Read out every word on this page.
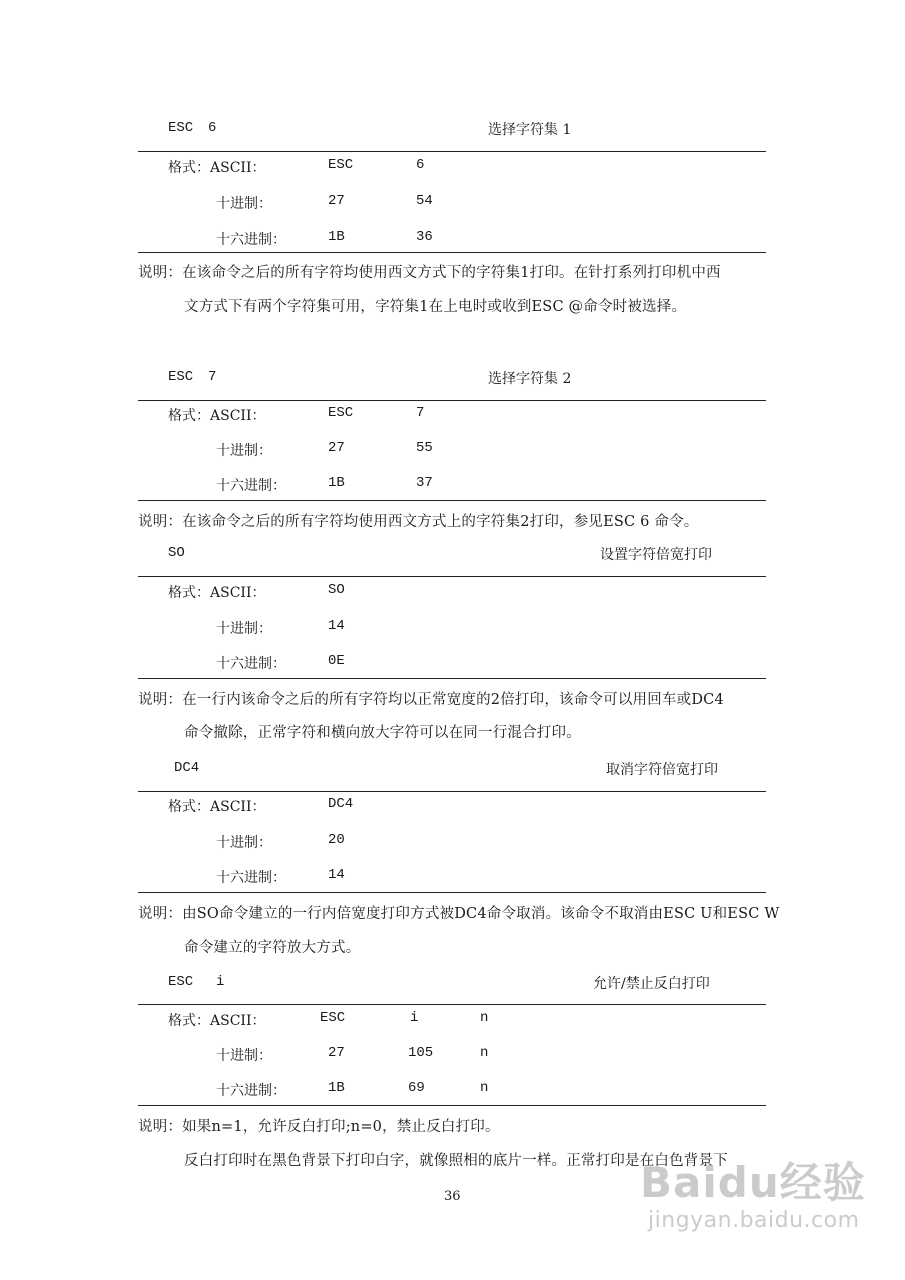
ESC 6	选择字符集 1
格式：ASCII：	ESC	6
十进制：	27	54
十六进制：	1B	36
说明：在该命令之后的所有字符均使用西文方式下的字符集1打印。在针打系列打印机中西
文方式下有两个字符集可用，字符集1在上电时或收到ESC @命令时被选择。
ESC 7	选择字符集 2
格式：ASCII：	ESC	7
十进制：	27	55
十六进制：	1B	37
说明：在该命令之后的所有字符均使用西文方式上的字符集2打印，参见ESC 6 命令。
SO	设置字符倍宽打印
格式：ASCII：	SO
十进制：	14
十六进制：	0E
说明：在一行内该命令之后的所有字符均以正常宽度的2倍打印，该命令可以用回车或DC4
命令撤除，正常字符和横向放大字符可以在同一行混合打印。
DC4	取消字符倍宽打印
格式：ASCII：	DC4
十进制：	20
十六进制：	14
说明：由SO命令建立的一行内倍宽度打印方式被DC4命令取消。该命令不取消由ESC U和ESC W
命令建立的字符放大方式。
ESC i	允许/禁止反白打印
格式：ASCII：	ESC	i	n
十进制：	27	105	n
十六进制：	1B	69	n
说明：如果n=1，允许反白打印;n=0，禁止反白打印。
反白打印时在黑色背景下打印白字，就像照相的底片一样。正常打印是在白色背景下
36	Baidu经验
jingyan.baidu.com
